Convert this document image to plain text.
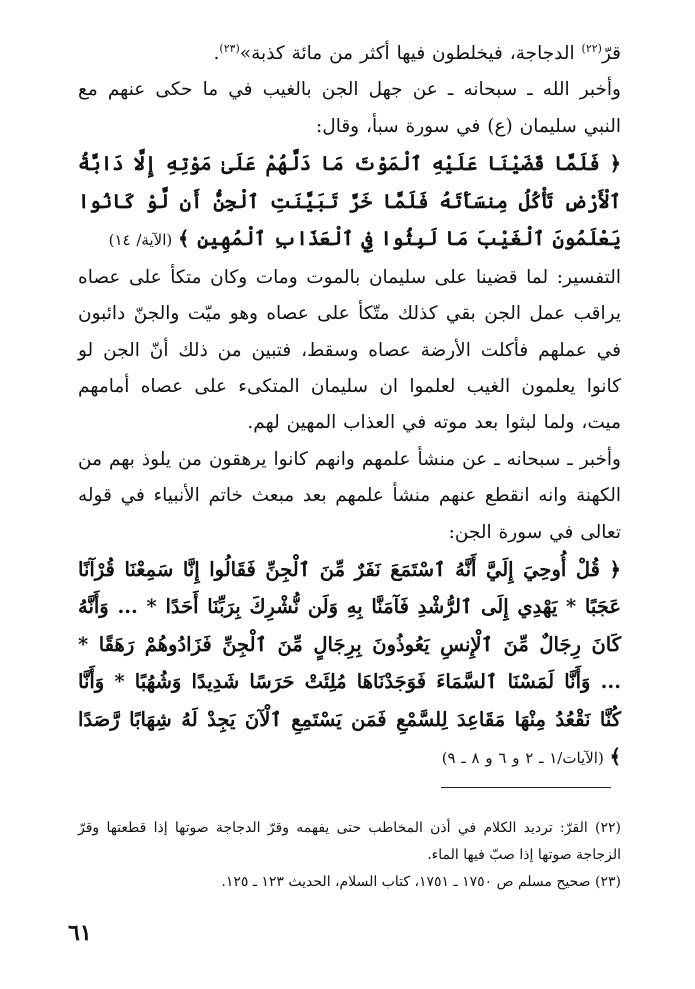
قرّ$^{(٢٢)}$ الدجاجة، فيخلطون فيها أكثر من مائة كذبة»$^{(٢٣)}$.

وأخبر الله ـ سبحانه ـ عن جهل الجن بالغيب في ما حكى عنهم مع النبي سليمان (ع) في سورة سبأ، وقال:

﴿ فَلَمَّا قَضَيْنَا عَلَيْهِ ٱلْمَوْتَ مَا دَلَّهُمْ عَلَىٰ مَوْتِهِ إِلَّا دَابَّةُ ٱلْأَرْضِ تَأْكُلُ مِنسَأَتَهُ فَلَمَّا خَرَّ تَبَيَّنَتِ ٱلْجِنُّ أَن لَّوْ كَانُوا يَعْلَمُونَ ٱلْغَيْبَ مَا لَبِثُوا فِي ٱلْعَذَابِ ٱلْمُهِينِ ﴾ (الآية/ ١٤)

التفسير: لما قضينا على سليمان بالموت ومات وكان متكأ على عصاه يراقب عمل الجن بقي كذلك متّكأ على عصاه وهو ميّت والجنّ دائبون في عملهم فأكلت الأرضة عصاه وسقط، فتبين من ذلك أنّ الجن لو كانوا يعلمون الغيب لعلموا ان سليمان المتكىء على عصاه أمامهم ميت، ولما لبثوا بعد موته في العذاب المهين لهم.

وأخبر ـ سبحانه ـ عن منشأ علمهم وانهم كانوا يرهقون من يلوذ بهم من الكهنة وانه انقطع عنهم منشأ علمهم بعد مبعث خاتم الأنبياء في قوله تعالى في سورة الجن:

﴿ قُلْ أُوحِيَ إِلَيَّ أَنَّهُ ٱسْتَمَعَ نَفَرٌ مِّنَ ٱلْجِنِّ فَقَالُوا إِنَّا سَمِعْنَا قُرْآنًا عَجَبًا * يَهْدِي إِلَى ٱلرُّشْدِ فَآمَنَّا بِهِ وَلَن نُّشْرِكَ بِرَبِّنَا أَحَدًا * ... وَأَنَّهُ كَانَ رِجَالٌ مِّنَ ٱلْإِنسِ يَعُوذُونَ بِرِجَالٍ مِّنَ ٱلْجِنِّ فَزَادُوهُمْ رَهَقًا * ... وَأَنَّا لَمَسْنَا ٱلسَّمَاءَ فَوَجَدْنَاهَا مُلِئَتْ حَرَسًا شَدِيدًا وَشُهُبًا * وَأَنَّا كُنَّا نَقْعُدُ مِنْهَا مَقَاعِدَ لِلسَّمْعِ فَمَن يَسْتَمِعِ ٱلْآنَ يَجِدْ لَهُ شِهَابًا رَّصَدًا ﴾ (الآيات/١ ـ ٢ و ٦ و ٨ ـ ٩)

(٢٢) القرّ: ترديد الكلام في أذن المخاطب حتى يفهمه وقرّ الدجاجة صوتها إذا قطعتها وقرّ الزجاجة صوتها إذا صبّ فيها الماء.

(٢٣) صحيح مسلم ص ١٧٥٠ ـ ١٧٥١، كتاب السلام، الحديث ١٢٣ ـ ١٢٥.

٦١
